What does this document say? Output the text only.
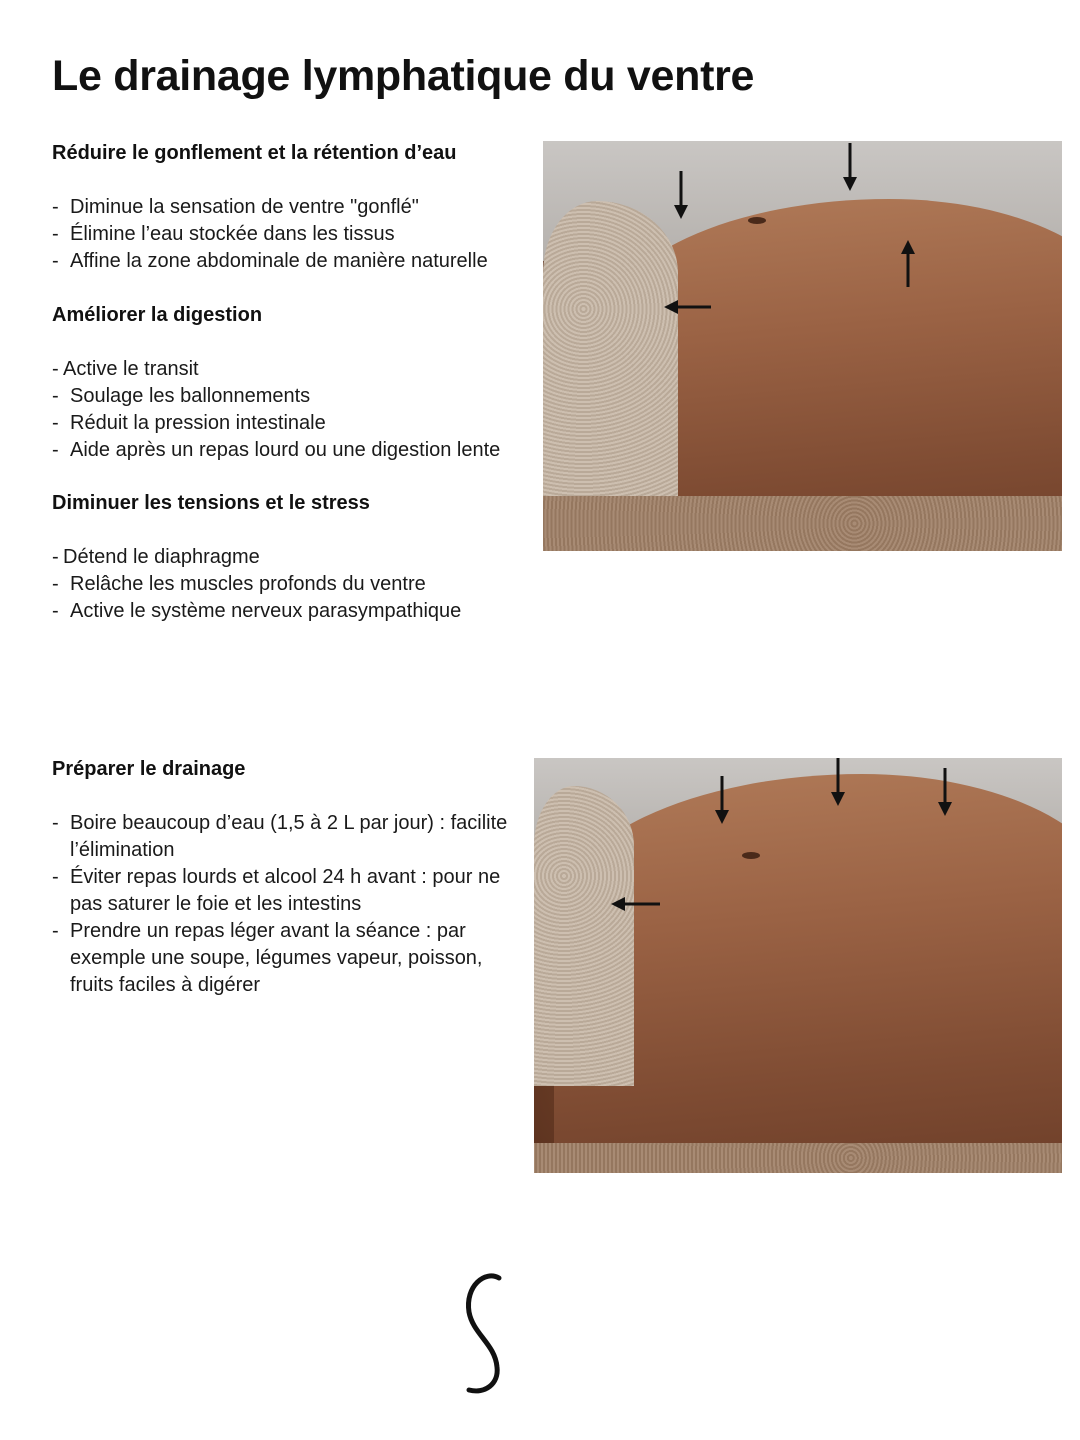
Le drainage lymphatique du ventre
Réduire le gonflement et la rétention d’eau
- Diminue la sensation de ventre "gonflé"
- Élimine l’eau stockée dans les tissus
- Affine la zone abdominale de manière naturelle
Améliorer la digestion
- Active le transit
- Soulage les ballonnements
- Réduit la pression intestinale
- Aide après un repas lourd ou une digestion lente
Diminuer les tensions et le stress
- Détend le diaphragme
- Relâche les muscles profonds du ventre
- Active le système nerveux parasympathique
Préparer le drainage
- Boire beaucoup d’eau (1,5 à 2 L par jour) : facilite l’élimination
- Éviter repas lourds et alcool 24 h avant : pour ne pas saturer le foie et les intestins
- Prendre un repas léger avant la séance : par exemple une soupe, légumes vapeur, poisson, fruits faciles à digérer
